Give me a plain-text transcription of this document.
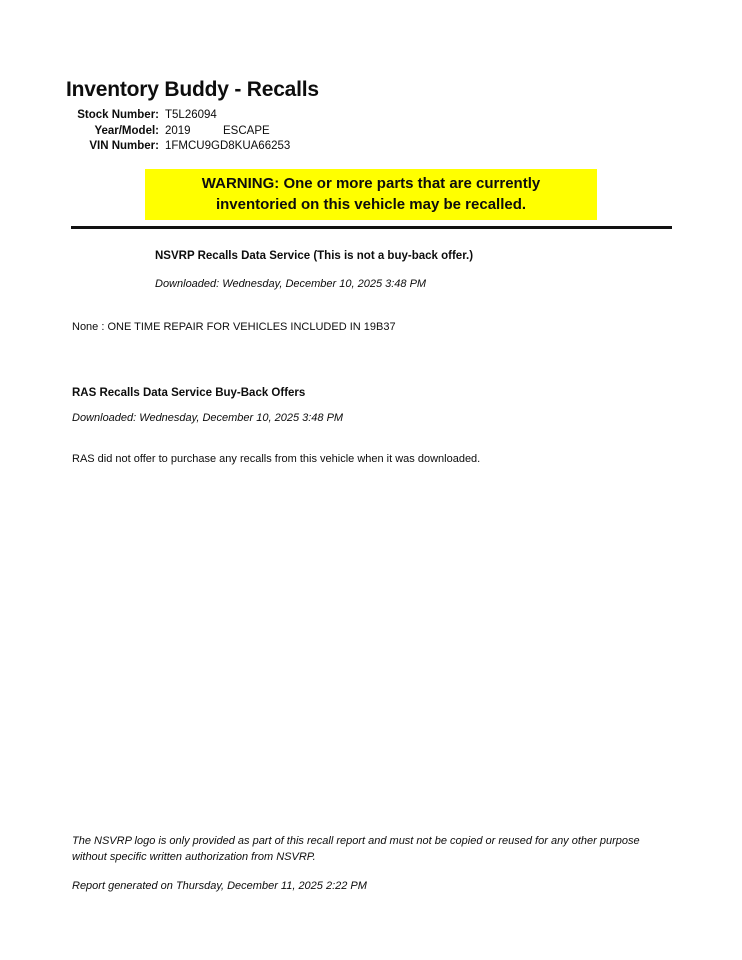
Inventory Buddy - Recalls
Stock Number: T5L26094
Year/Model: 2019	ESCAPE
VIN Number: 1FMCU9GD8KUA66253
WARNING: One or more parts that are currently
inventoried on this vehicle may be recalled.
NSVRP Recalls Data Service (This is not a buy-back offer.)
Downloaded: Wednesday, December 10, 2025 3:48 PM
None : ONE TIME REPAIR FOR VEHICLES INCLUDED IN 19B37
RAS Recalls Data Service Buy-Back Offers
Downloaded: Wednesday, December 10, 2025 3:48 PM
RAS did not offer to purchase any recalls from this vehicle when it was downloaded.
The NSVRP logo is only provided as part of this recall report and must not be copied or reused for any other purpose without specific written authorization from NSVRP.
Report generated on Thursday, December 11, 2025 2:22 PM
